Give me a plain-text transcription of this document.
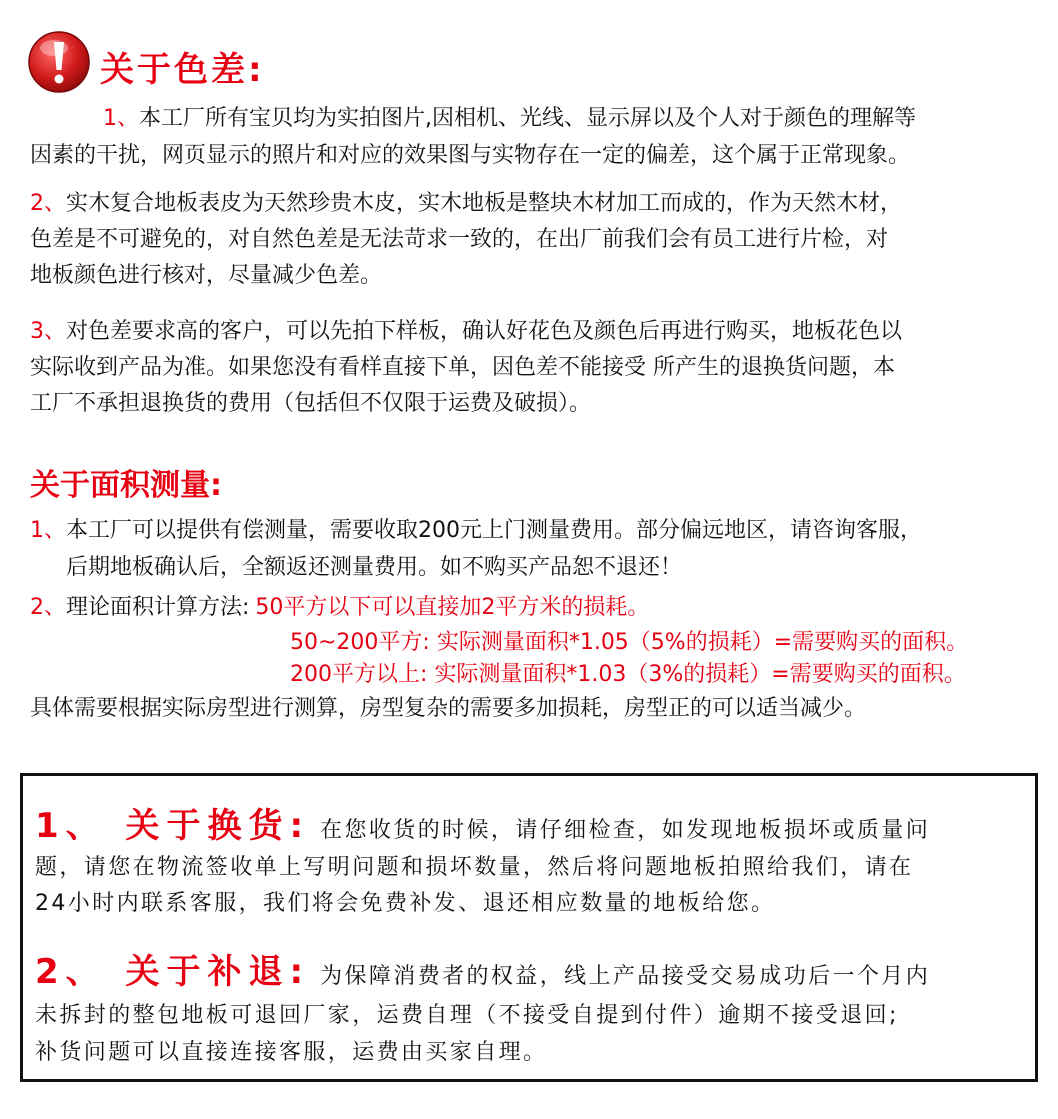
关于色差:
1、本工厂所有宝贝均为实拍图片,因相机、光线、显示屏以及个人对于颜色的理解等
因素的干扰，网页显示的照片和对应的效果图与实物存在一定的偏差，这个属于正常现象。
2、实木复合地板表皮为天然珍贵木皮，实木地板是整块木材加工而成的，作为天然木材，
色差是不可避免的，对自然色差是无法苛求一致的，在出厂前我们会有员工进行片检，对
地板颜色进行核对，尽量减少色差。
3、对色差要求高的客户，可以先拍下样板，确认好花色及颜色后再进行购买，地板花色以
实际收到产品为准。如果您没有看样直接下单，因色差不能接受 所产生的退换货问题，本
工厂不承担退换货的费用（包括但不仅限于运费及破损）。
关于面积测量:
1、本工厂可以提供有偿测量，需要收取200元上门测量费用。部分偏远地区，请咨询客服，
后期地板确认后，全额返还测量费用。如不购买产品恕不退还！
2、理论面积计算方法: 50平方以下可以直接加2平方米的损耗。
50~200平方: 实际测量面积*1.05（5%的损耗）=需要购买的面积。
200平方以上: 实际测量面积*1.03（3%的损耗）=需要购买的面积。
具体需要根据实际房型进行测算，房型复杂的需要多加损耗，房型正的可以适当减少。
1、 关于换货: 在您收货的时候，请仔细检查，如发现地板损坏或质量问
题，请您在物流签收单上写明问题和损坏数量，然后将问题地板拍照给我们，请在
24小时内联系客服，我们将会免费补发、退还相应数量的地板给您。
2、 关于补退: 为保障消费者的权益，线上产品接受交易成功后一个月内
未拆封的整包地板可退回厂家，运费自理（不接受自提到付件）逾期不接受退回;
补货问题可以直接连接客服，运费由买家自理。
